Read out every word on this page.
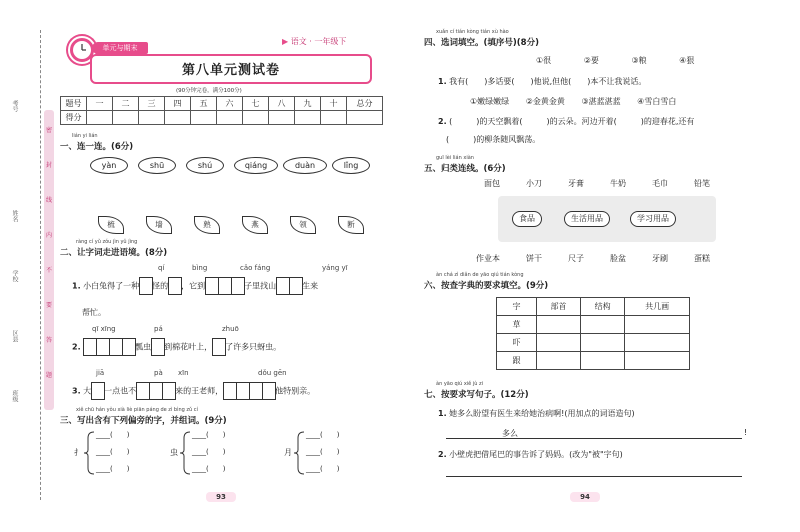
密
封
线
内
不
要
答
题
考号
姓名
学校
区县
班级
单元与期末
▶ 语文 · 一年级下
第八单元测试卷
(90分钟完卷，满分100分)
题号	一	二	三	四	五	六	七	八	九	十	总分
得分											
lián yi lián
一、连一连。(6分)
yàn	shū	shú	qiáng	duàn	lǐng
梳	墙	熟	燕	领	断
ràng cí yǔ zǒu jìn yǔ jìng
二、让字词走进语境。(8分)
qí	bìng	cǎo fáng	yáng yī
1. 小白兔得了一种 怪的 ，它到	子里找山	生来
帮忙。
qī xīng	pá	zhuō
2.	瓢虫 到棉花叶上， 了许多只蚜虫。
jiā	pà xīn	dǒu gēn
3. 大 一点也不	来的王老师，	他特别亲。
xiě chū hán yǒu xià liè piān páng de zì bìng zǔ cí
三、写出含有下列偏旁的字，并组词。(9分)
扌	虫	月
____(　　)
____(　　)
____(　　)
____(　　)
____(　　)
____(　　)
____(　　)
____(　　)
____(　　)
93
xuǎn cí tián kòng tián xù hào
四、选词填空。(填序号)(8分)
①很	②要	③粮	④狠
1. 我有(　　)多话要(　　)他说,但他(　　)本不让我说话。
①嫩绿嫩绿 ②金黄金黄 ③湛蓝湛蓝 ④雪白雪白
2. (　　　)的天空飘着(　　　)的云朵。河边开着(　　　)的迎春花,还有
(　　　)的柳条随风飘荡。
guī lèi lián xiàn
五、归类连线。(6分)
面包	小刀	牙膏	牛奶	毛巾	铅笔
食品	生活用品	学习用品
作业本	饼干	尺子	脸盆	牙刷	蛋糕
àn chá zì diǎn de yāo qiú tián kòng
六、按查字典的要求填空。(9分)
字	部首	结构	共几画
草			
吓			
跟			
àn yāo qiú xiě jù zi
七、按要求写句子。(12分)
1. 她多么盼望有医生来给她治病啊!(用加点的词语造句)
多么	!
2. 小壁虎把借尾巴的事告诉了妈妈。(改为"被"字句)
94
